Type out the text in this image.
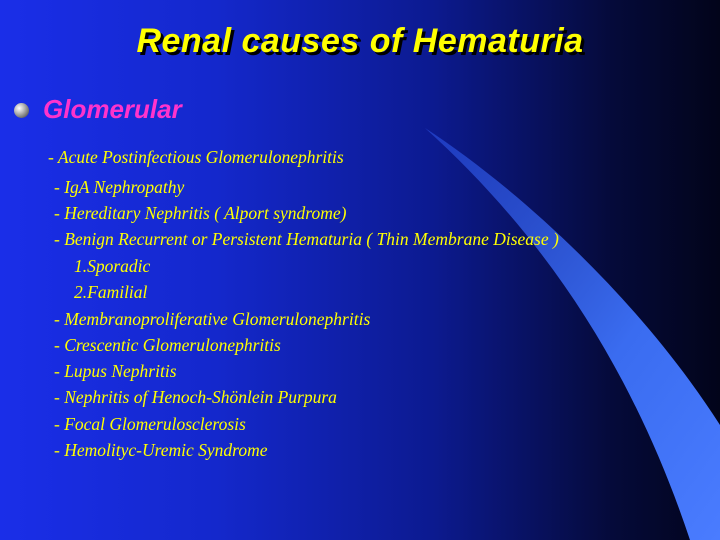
Renal causes of Hematuria
Glomerular
- Acute Postinfectious Glomerulonephritis
- IgA Nephropathy
- Hereditary Nephritis ( Alport syndrome)
- Benign Recurrent or Persistent Hematuria ( Thin Membrane Disease )
1.Sporadic
2.Familial
- Membranoproliferative Glomerulonephritis
- Crescentic Glomerulonephritis
- Lupus Nephritis
- Nephritis of Henoch-Shönlein Purpura
- Focal Glomerulosclerosis
- Hemolityc-Uremic Syndrome
